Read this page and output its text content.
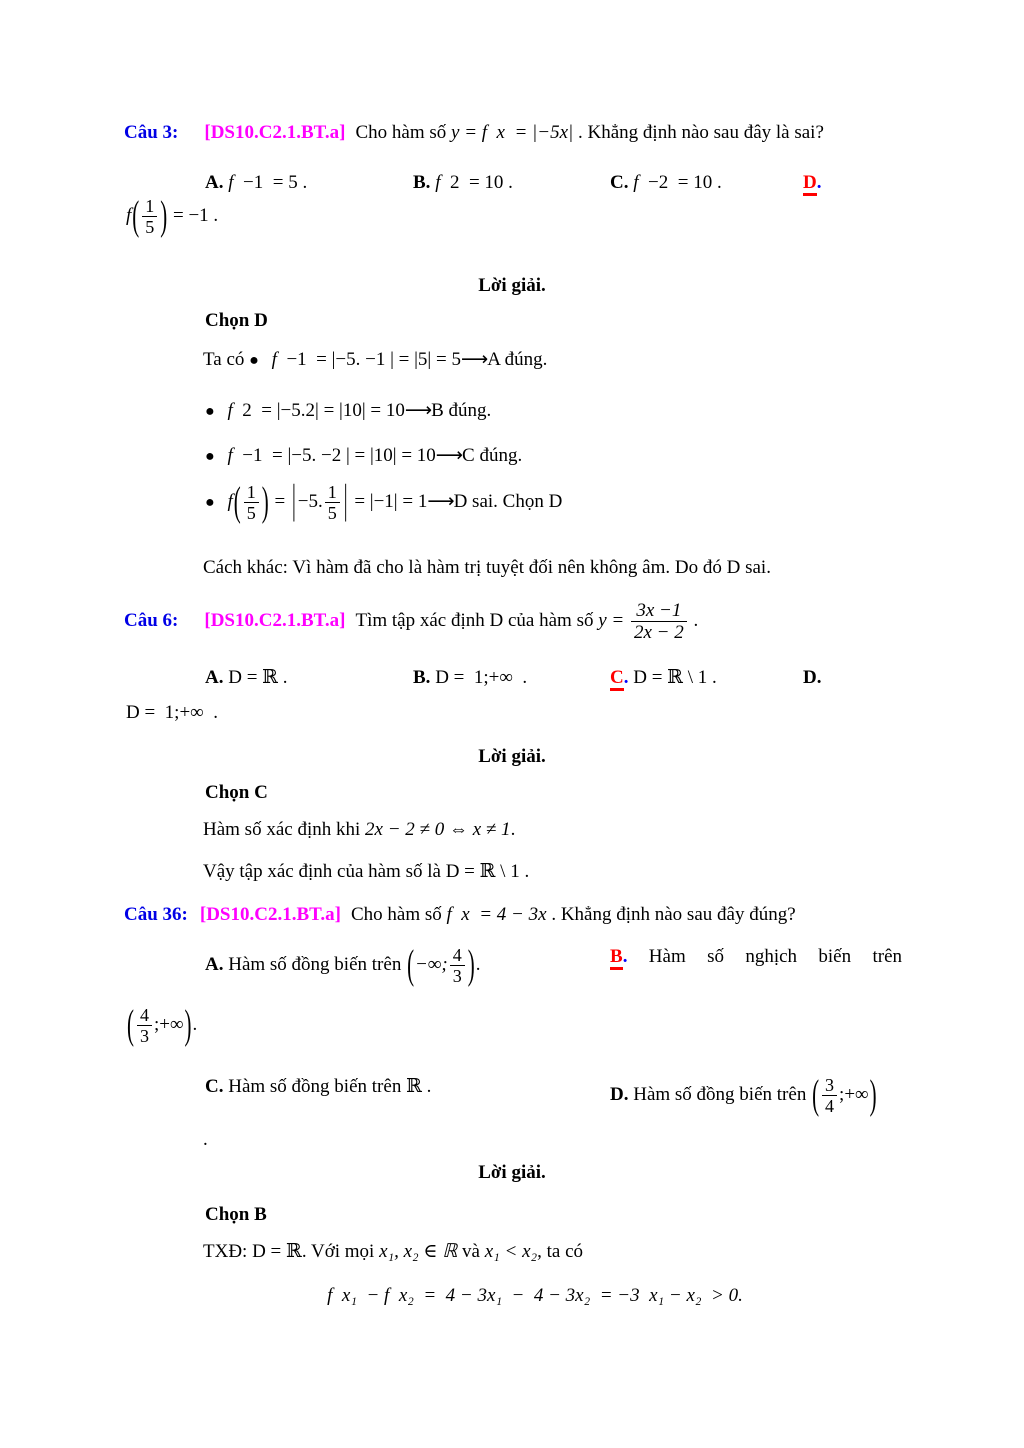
Câu 3: [DS10.C2.1.BT.a] Cho hàm số y = f  x  = |−5x| . Khẳng định nào sau đây là sai?
A. f  −1  = 5 .	B. f  2  = 10 .	C. f  −2  = 10 .	D.
$f( \frac{1}{5}$ ) = −1 .
Lời giải.
Chọn D
Ta có ● f  −1  = |−5. −1 | = |5| = 5⟶A đúng.
● f  2  = |−5.2| = |10| = 10⟶B đúng.
● f  −1  = |−5. −2 | = |10| = 10⟶C đúng.
● $f( \frac{1}{5}$ ) = | −5. $\frac{1}{5}$ | = |−1| = 1⟶D sai. Chọn D
Cách khác: Vì hàm đã cho là hàm trị tuyệt đối nên không âm. Do đó D sai.
Câu 6: [DS10.C2.1.BT.a] Tìm tập xác định D của hàm số $y = \frac{3x -1}{2x - 2}$ .
A. D = ℝ .	B. D =  1;+∞  .	C. D = ℝ \ 1 .	D.
D =  1;+∞  .
Lời giải.
Chọn C
Hàm số xác định khi 2x − 2 ≠ 0 ⇔ x ≠ 1.
Vậy tập xác định của hàm số là D = ℝ \ 1 .
Câu 36: [DS10.C2.1.BT.a] Cho hàm số f  x  = 4 − 3x . Khẳng định nào sau đây đúng?
A. Hàm số đồng biến trên (−∞; $\frac{4}{3}$ ).	B. Hàm số nghịch biến trên
( $\frac{4}{3}$ ;+∞).
C. Hàm số đồng biến trên ℝ .	D. Hàm số đồng biến trên ( $\frac{3}{4}$ ;+∞)
.
Lời giải.
Chọn B
TXĐ: D = ℝ. Với mọi x₁, x₂ ∈ ℝ và x₁ < x₂, ta có
f  x₁  − f  x₂  =  4 − 3x₁  −  4 − 3x₂  = −3  x₁ − x₂  > 0.
